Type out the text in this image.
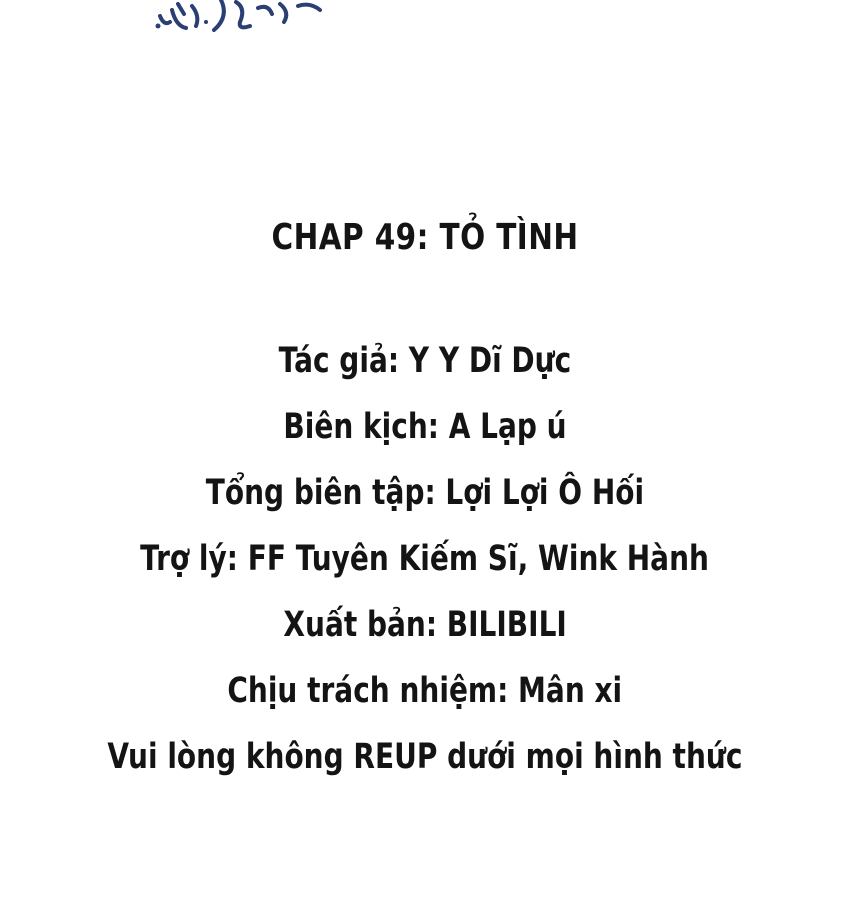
CHAP 49: TỎ TÌNH
Tác giả: Y Y Dĩ Dực
Biên kịch: A Lạp ú
Tổng biên tập: Lợi Lợi Ô Hối
Trợ lý: FF Tuyên Kiếm Sĩ, Wink Hành
Xuất bản: BILIBILI
Chịu trách nhiệm: Mân xi
Vui lòng không REUP dưới mọi hình thức
